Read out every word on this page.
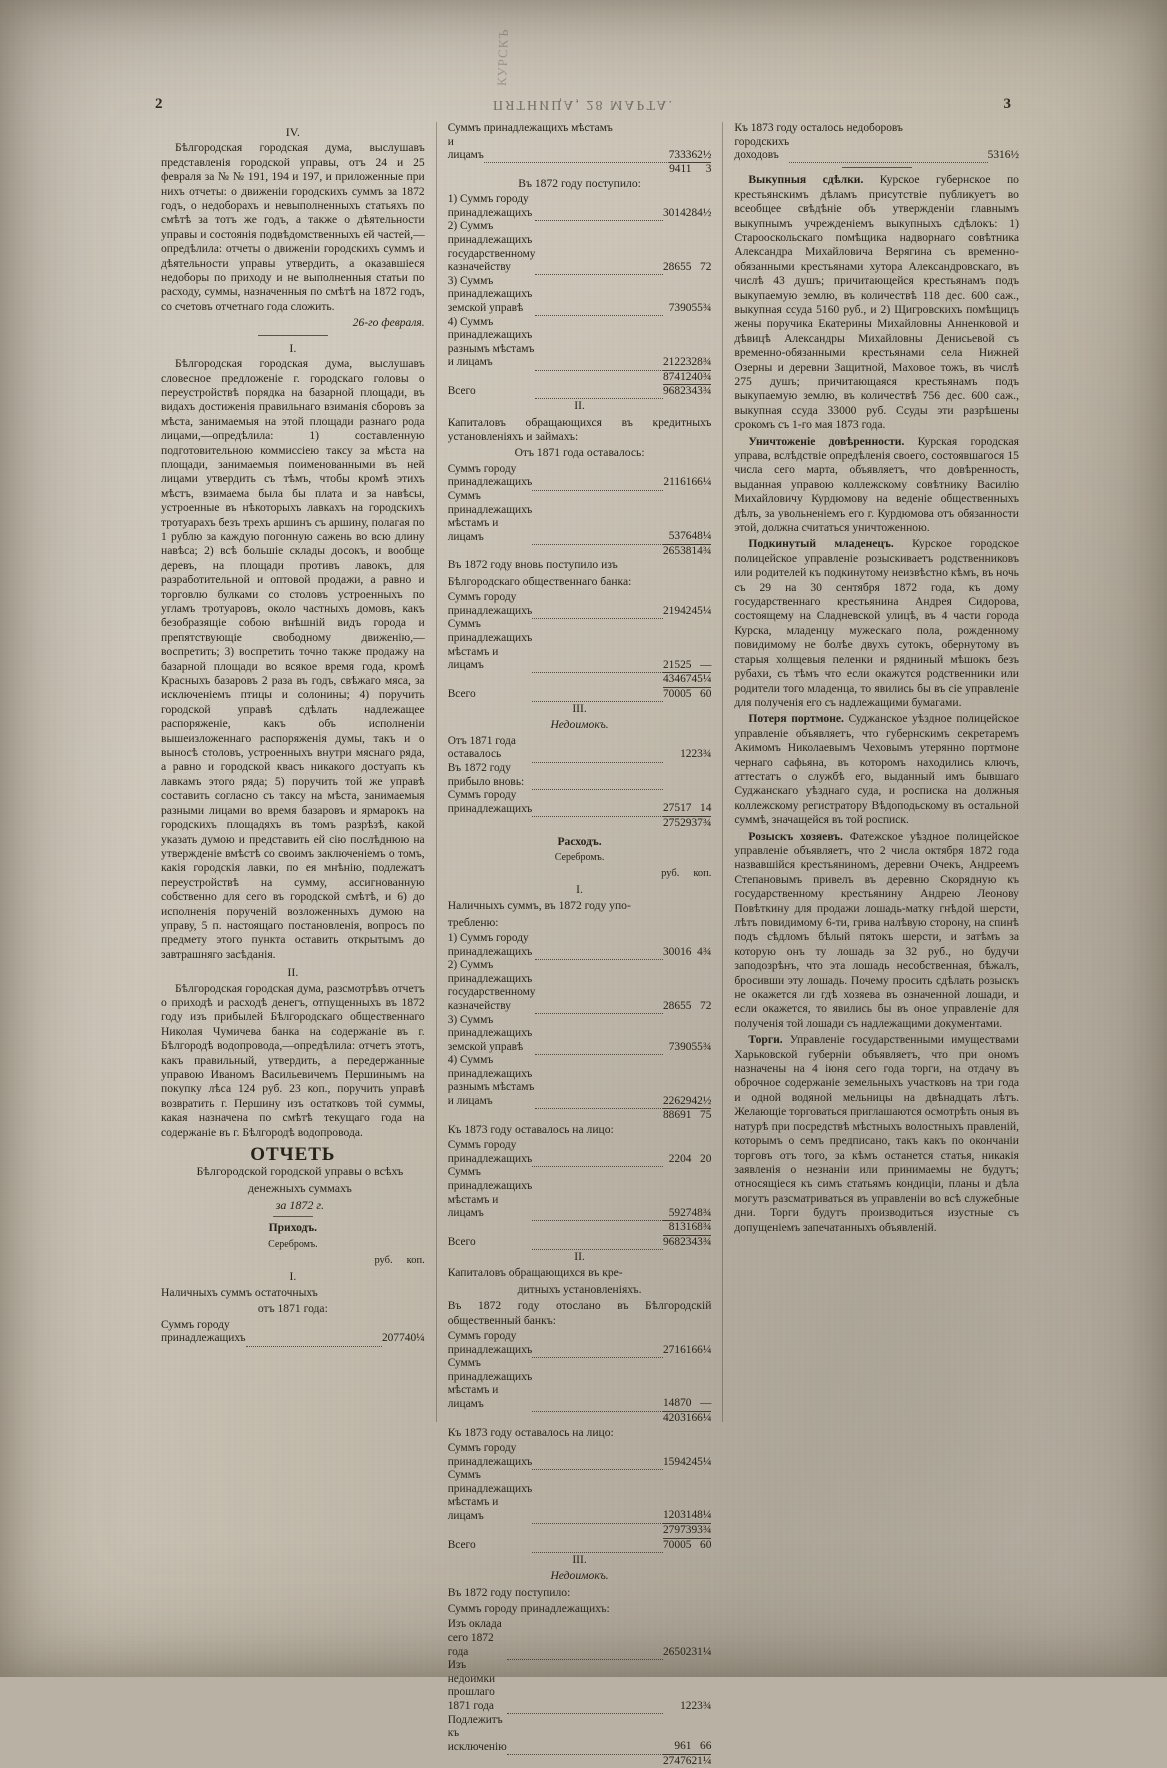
КУРСКЪ
2	ПЯТНИЦА, 28 МАРТА.	3
IV.

Бѣлгородская городская дума, выслушавъ представленія городской управы, отъ 24 и 25 февраля за № № 191, 194 и 197, и приложенные при нихъ отчеты: о движеніи городскихъ суммъ за 1872 годъ, о недоборахъ и невыполненныхъ статьяхъ по смѣтѣ за тотъ же годъ, а также о дѣятельности управы и состоянія подвѣдомственныхъ ей частей,—опредѣлила: отчеты о движеніи городскихъ суммъ и дѣятельности управы утвердить, а оказавшіеся недоборы по приходу и не выполненныя статьи по расходу, суммы, назначенныя по смѣтѣ на 1872 годъ, со счетовъ отчетнаго года сложить.

26-го февраля.

I.

Бѣлгородская городская дума, выслушавъ словесное предложеніе г. городскаго головы о переустройствѣ порядка на базарной площади, въ видахъ достиженія правильнаго взиманія сборовъ за мѣста, занимаемыя на этой площади разнаго рода лицами,—опредѣлила: 1) составленную подготовительною коммиссіею таксу за мѣста на площади, занимаемыя поименованными въ ней лицами утвердить съ тѣмъ, чтобы кромѣ этихъ мѣстъ, взимаема была бы плата и за навѣсы, устроенные въ нѣкоторыхъ лавкахъ на городскихъ тротуарахъ безъ трехъ аршинъ съ аршину, полагая по 1 рублю за каждую погонную сажень во всю длину навѣса; 2) всѣ большіе склады досокъ, и вообще деревъ, на площади противъ лавокъ, для разработительной и оптовой продажи, а равно и торговлю булками со столовъ устроенныхъ по угламъ тротуаровъ, около частныхъ домовъ, какъ безобразящіе собою внѣшній видъ города и препятствующіе свободному движенію,—воспретить; 3) воспретить точно также продажу на базарной площади во всякое время года, кромѣ Красныхъ базаровъ 2 раза въ годъ, свѣжаго мяса, за исключеніемъ птицы и солонины; 4) поручить городской управѣ сдѣлать надлежащее распоряженіе, какъ объ исполненіи вышеизложеннаго распоряженія думы, такъ и о выносѣ столовъ, устроенныхъ внутри мяснаго ряда, а равно и городской квасъ никакого достуапъ къ лавкамъ этого ряда; 5) поручить той же управѣ составить согласно съ таксу на мѣста, занимаемыя разными лицами во время базаровъ и ярмарокъ на городскихъ площадяхъ въ томъ разрѣзѣ, какой указать думою и представить ей сію послѣднюю на утвержденіе вмѣстѣ со своимъ заключеніемъ о томъ, какія городскія лавки, по ея мнѣнію, подлежатъ переустройствѣ на сумму, ассигнованную собственно для сего въ городской смѣтѣ, и 6) до исполненія порученій возложенныхъ думою на управу, 5 п. настоящаго постановленія, вопросъ по предмету этого пункта оставить открытымъ до завтрашняго засѣданія.

II.

Бѣлгородская городская дума, разсмотрѣвъ отчетъ о приходѣ и расходѣ денегъ, отпущенныхъ въ 1872 году изъ прибылей Бѣлгородскаго общественнаго Николая Чумичева банка на содержаніе въ г. Бѣлгородѣ водопровода,—опредѣлила: отчетъ этотъ, какъ правильный, утвердить, а передержанные управою Иваномъ Васильевичемъ Першинымъ на покупку лѣса 124 руб. 23 коп., поручить управѣ возвратить г. Першину изъ остатковъ той суммы, какая назначена по смѣтѣ текущаго года на содержаніе въ г. Бѣлгородѣ водопровода.

ОТЧЕТЬ

Бѣлгородской городской управы о всѣхъ

денежныхъ суммахъ

за 1872 г.

Приходъ.

Серебромъ.

руб. коп.

I.

Наличныхъ суммъ остаточныхъ

отъ 1871 года:

Суммъ городу принадлежащихъ		2077	40¼
Суммъ принадлежащихъ мѣстамъ			
и лицамъ		7333	62½
		9411	3

Въ 1872 году поступило:

1) Суммъ городу принадлежащихъ		30142	84½
2) Суммъ принадлежащихъ государственному казначейству		28655	72
3) Суммъ принадлежащихъ земской управѣ		7390	55¾
4) Суммъ принадлежащихъ разнымъ мѣстамъ и лицамъ		21223	28¾
		87412	40¾
Всего		96823	43¾

II.

Капиталовъ обращающихся въ кредитныхъ установленіяхъ и займахъ:

Отъ 1871 года оставалось:

Суммъ городу принадлежащихъ		21161	66¼
Суммъ принадлежащихъ мѣстамъ и лицамъ		5376	48¼
		26538	14¾

Въ 1872 году вновь поступило изъ

Бѣлгородскаго общественнаго банка:

Суммъ городу принадлежащихъ		21942	45¼
Суммъ принадлежащихъ мѣстамъ и лицамъ		21525	—
		43467	45¼
Всего		70005	60

III.

Недоимокъ.

Отъ 1871 года оставалось		12	23¾
Въ 1872 году прибыло вновь:			
Суммъ городу принадлежащихъ		27517	14
		27529	37¾

Расходъ.

Серебромъ.

руб. коп.

I.

Наличныхъ суммъ, въ 1872 году упо-

требленю:

1) Суммъ городу принадлежащихъ		30016	4¾
2) Суммъ принадлежащихъ государственному казначейству		28655	72
3) Суммъ принадлежащихъ земской управѣ		7390	55¾
4) Суммъ принадлежащихъ разнымъ мѣстамъ и лицамъ		22629	42½
		88691	75

Къ 1873 году оставалось на лицо:

Суммъ городу принадлежащихъ		2204	20
Суммъ принадлежащихъ мѣстамъ и лицамъ		5927	48¾
		8131	68¾
Всего		96823	43¾

II.

Капиталовъ обращающихся въ кре-

дитныхъ установленіяхъ.

Въ 1872 году отослано въ Бѣлгородскій общественный банкъ:

Суммъ городу принадлежащихъ		27161	66¼
Суммъ принадлежащихъ мѣстамъ и лицамъ		14870	—
		42031	66¼

Къ 1873 году оставалось на лицо:

Суммъ городу принадлежащихъ		15942	45¼
Суммъ принадлежащихъ мѣстамъ и лицамъ		12031	48¼
		27973	93¾
Всего		70005	60

III.

Недоимокъ.

Въ 1872 году поступило:

Суммъ городу принадлежащихъ:

Изъ оклада сего 1872 года		26502	31¼
Изъ недоимки прошлаго 1871 года		12	23¾
Подлежитъ къ исключенію		961	66
		27476	21¼
Къ 1873 году осталось недоборовъ
городскихъ доходовъ		53	16½

Выкупныя сдѣлки. Курское губернское по крестьянскимъ дѣламъ присутствіе публикуетъ во всеобщее свѣдѣніе объ утвержденіи главнымъ выкупнымъ учрежденіемъ выкупныхъ сдѣлокъ: 1) Старооскольскаго помѣщика надворнаго совѣтника Александра Михайловича Верягина съ временно-обязанными крестьянами хутора Александровскаго, въ числѣ 43 душъ; причитающейся крестьянамъ подъ выкупаемую землю, въ количествѣ 118 дес. 600 саж., выкупная ссуда 5160 руб., и 2) Щигровскихъ помѣщицъ жены поручика Екатерины Михайловны Анненковой и дѣвицѣ Александры Михайловны Денисьевой съ временно-обязанными крестьянами села Нижней Озерны и деревни Защитной, Маховое тожъ, въ числѣ 275 душъ; причитающаяся крестьянамъ подъ выкупаемую землю, въ количествѣ 756 дес. 600 саж., выкупная ссуда 33000 руб. Ссуды эти разрѣшены срокомъ съ 1-го мая 1873 года.

Уничтоженіе довѣренности. Курская городская управа, вслѣдствіе опредѣленія своего, состоявшагося 15 числа сего марта, объявляетъ, что довѣренность, выданная управою коллежскому совѣтнику Василію Михайловичу Курдюмову на веденіе общественныхъ дѣлъ, за увольненіемъ его г. Курдюмова отъ обязанности этой, должна считаться уничтоженною.

Подкинутый младенецъ. Курское городское полицейское управленіе розыскиваетъ родственниковъ или родителей къ подкинутому неизвѣстно кѣмъ, въ ночь съ 29 на 30 сентября 1872 года, къ дому государственнаго крестьянина Андрея Сидорова, состоящему на Сладневской улицѣ, въ 4 части города Курска, младенцу мужескаго пола, рожденному повидимому не болѣе двухъ сутокъ, обернутому въ старыя холщевыя пеленки и рядниный мѣшокъ безъ рубахи, съ тѣмъ что если окажутся родственники или родители того младенца, то явились бы въ сіе управленіе для полученія его съ надлежащими бумагами.

Потеря портмоне. Суджанское уѣздное полицейское управленіе объявляетъ, что губернскимъ секретаремъ Акимомъ Николаевымъ Чеховымъ утерянно портмоне чернаго сафьяна, въ которомъ находились ключъ, аттестатъ о службѣ его, выданный имъ бывшаго Суджанскаго уѣзднаго суда, и росписка на должныя коллежскому регистратору Вѣдоподьскому въ остальной суммѣ, значащейся въ той росписк.

Розыскъ хозяевъ. Фатежское уѣздное полицейское управленіе объявляетъ, что 2 числа октября 1872 года назвавшійся крестьяниномъ, деревни Очекъ, Андреемъ Степановымъ привелъ въ деревню Скорядную къ государственному крестьянину Андрею Леонову Повѣткину для продажи лошадь-матку гнѣдой шерсти, лѣтъ повидимому 6-ти, грива налѣвую сторону, на спинѣ подъ сѣдломъ бѣлый пятокъ шерсти, и затѣмъ за которую онъ ту лошадь за 32 руб., но будучи заподозрѣнъ, что эта лошадь несобственная, бѣжалъ, бросивши эту лошадь. Почему просить сдѣлать розыскъ не окажется ли гдѣ хозяева въ означенной лошади, и если окажется, то явились бы въ оное управленіе для полученія той лошади съ надлежащими документами.

Торги. Управленіе государственными имуществами Харьковской губерніи объявляетъ, что при ономъ назначены на 4 іюня сего года торги, на отдачу въ оброчное содержаніе земельныхъ участковъ на три года и одной водяной мельницы на двѣнадцать лѣтъ. Желающіе торговаться приглашаются осмотрѣть оныя въ натурѣ при посредствѣ мѣстныхъ волостныхъ правленій, которымъ о семъ предписано, такъ какъ по окончаніи торговъ отъ того, за кѣмъ останется статья, никакія заявленія о незнаніи или принимаемы не будутъ; относящіеся къ симъ статьямъ кондиціи, планы и дѣла могутъ разсматриваться въ управленіи во всѣ служебные дни. Торги будутъ производиться изустные съ допущеніемъ запечатанныхъ объявленій.
